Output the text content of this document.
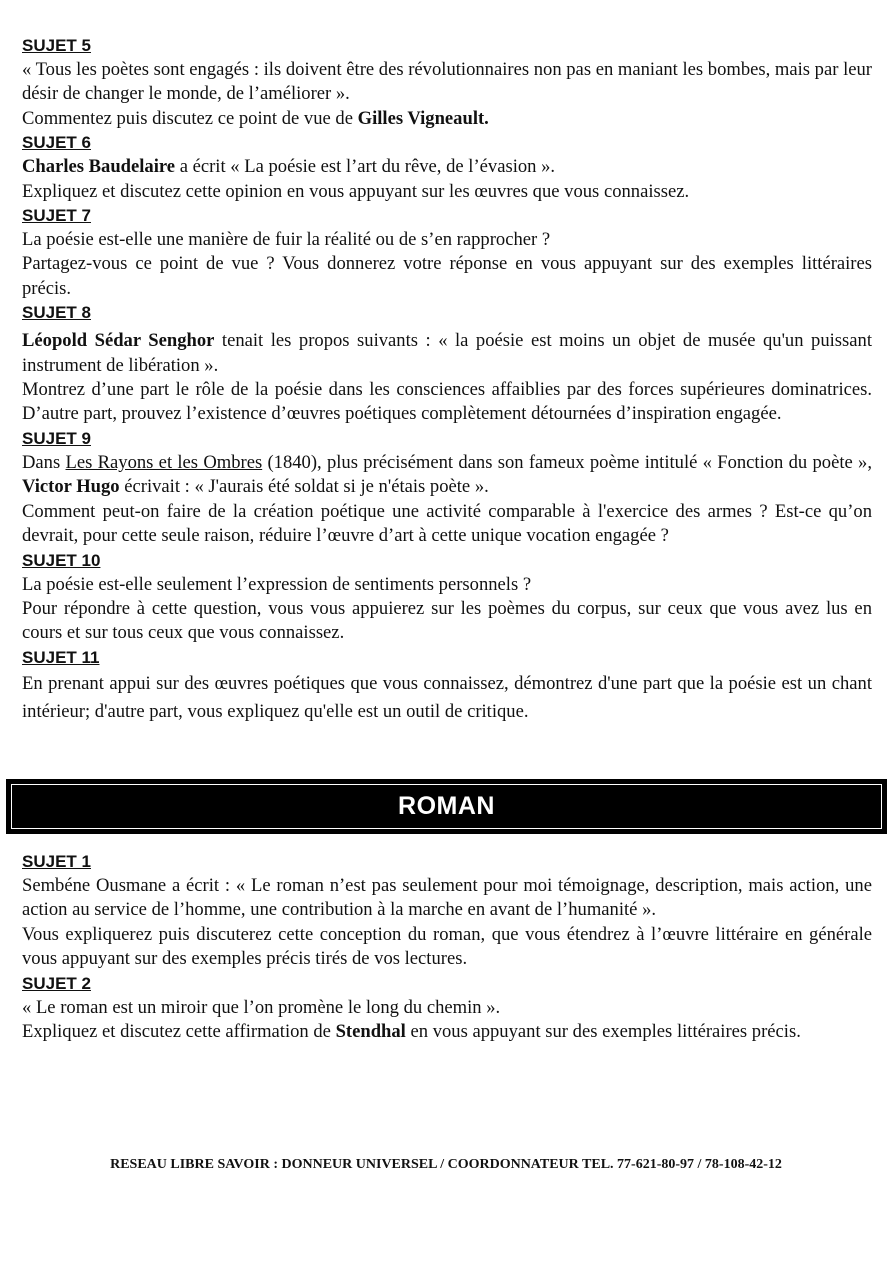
SUJET 5

« Tous les poètes sont engagés : ils doivent être des révolutionnaires non pas en maniant les bombes, mais par leur désir de changer le monde, de l’améliorer ».

Commentez puis discutez ce point de vue de Gilles Vigneault.

SUJET 6

Charles Baudelaire a écrit « La poésie est l’art du rêve, de l’évasion ».

Expliquez et discutez cette opinion en vous appuyant sur les œuvres que vous connaissez.

SUJET 7

La poésie est-elle une manière de fuir la réalité ou de s’en rapprocher ?

Partagez-vous ce point de vue ? Vous donnerez votre réponse en vous appuyant sur des exemples littéraires précis.

SUJET 8

Léopold Sédar Senghor tenait les propos suivants : « la poésie est moins un objet de musée qu'un puissant instrument de libération ».

Montrez d’une part le rôle de la poésie dans les consciences affaiblies par des forces supérieures dominatrices. D’autre part, prouvez l’existence d’œuvres poétiques complètement détournées d’inspiration engagée.

SUJET 9

Dans Les Rayons et les Ombres (1840), plus précisément dans son fameux poème intitulé « Fonction du poète », Victor Hugo écrivait : « J'aurais été soldat si je n'étais poète ».

Comment peut-on faire de la création poétique une activité comparable à l'exercice des armes ? Est-ce qu’on devrait, pour cette seule raison, réduire l’œuvre d’art à cette unique vocation engagée ?

SUJET 10

La poésie est-elle seulement l’expression de sentiments personnels ?

Pour répondre à cette question, vous vous appuierez sur les poèmes du corpus, sur ceux que vous avez lus en cours et sur tous ceux que vous connaissez.

SUJET 11

En prenant appui sur des œuvres poétiques que vous connaissez, démontrez d'une part que la poésie est un chant intérieur; d'autre part, vous expliquez qu'elle est un outil de critique.

ROMAN
SUJET 1

Sembéne Ousmane a écrit : « Le roman n’est pas seulement pour moi témoignage, description, mais action, une action au service de l’homme, une contribution à la marche en avant de l’humanité ».

Vous expliquerez puis discuterez cette conception du roman, que vous étendrez à l’œuvre littéraire en générale vous appuyant sur des exemples précis tirés de vos lectures.

SUJET 2

« Le roman est un miroir que l’on promène le long du chemin ».

Expliquez et discutez cette affirmation de Stendhal en vous appuyant sur des exemples littéraires précis.

RESEAU LIBRE SAVOIR : DONNEUR UNIVERSEL / COORDONNATEUR TEL. 77-621-80-97 / 78-108-42-12
